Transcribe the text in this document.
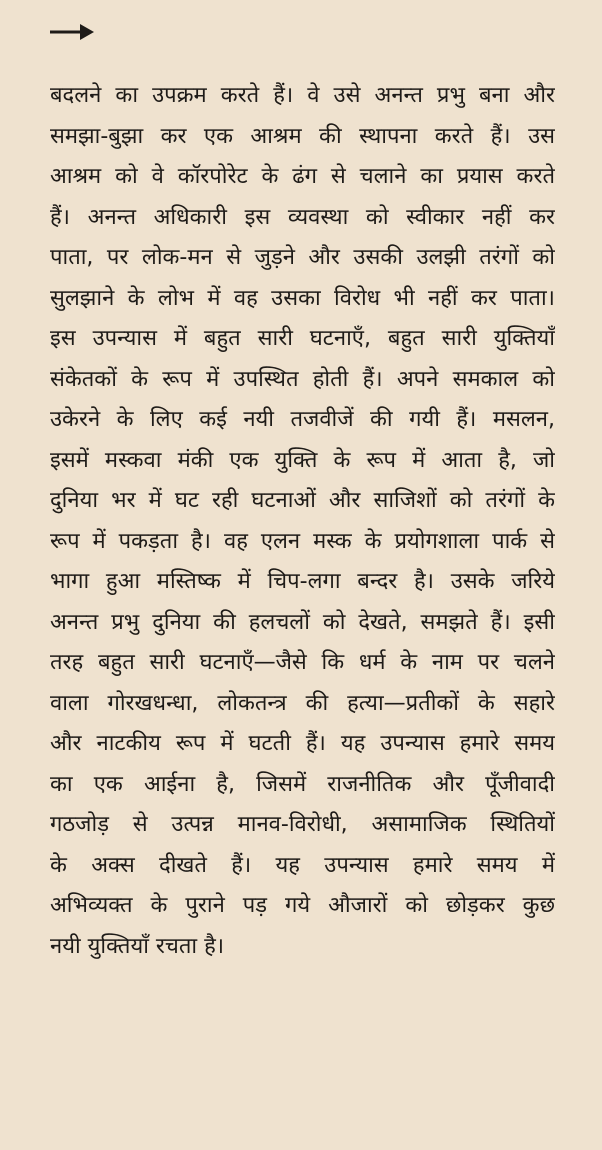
बदलने का उपक्रम करते हैं। वे उसे अनन्त प्रभु बना और
समझा-बुझा कर एक आश्रम की स्थापना करते हैं। उस
आश्रम को वे कॉरपोरेट के ढंग से चलाने का प्रयास करते
हैं। अनन्त अधिकारी इस व्यवस्था को स्वीकार नहीं कर
पाता, पर लोक-मन से जुड़ने और उसकी उलझी तरंगों को
सुलझाने के लोभ में वह उसका विरोध भी नहीं कर पाता।
इस उपन्यास में बहुत सारी घटनाएँ, बहुत सारी युक्तियाँ
संकेतकों के रूप में उपस्थित होती हैं। अपने समकाल को
उकेरने के लिए कई नयी तजवीजें की गयी हैं। मसलन,
इसमें मस्कवा मंकी एक युक्ति के रूप में आता है, जो
दुनिया भर में घट रही घटनाओं और साजिशों को तरंगों के
रूप में पकड़ता है। वह एलन मस्क के प्रयोगशाला पार्क से
भागा हुआ मस्तिष्क में चिप-लगा बन्दर है। उसके जरिये
अनन्त प्रभु दुनिया की हलचलों को देखते, समझते हैं। इसी
तरह बहुत सारी घटनाएँ—जैसे कि धर्म के नाम पर चलने
वाला गोरखधन्धा, लोकतन्त्र की हत्या—प्रतीकों के सहारे
और नाटकीय रूप में घटती हैं। यह उपन्यास हमारे समय
का एक आईना है, जिसमें राजनीतिक और पूँजीवादी
गठजोड़ से उत्पन्न मानव-विरोधी, असामाजिक स्थितियों
के अक्स दीखते हैं। यह उपन्यास हमारे समय में
अभिव्यक्त के पुराने पड़ गये औजारों को छोड़कर कुछ
नयी युक्तियाँ रचता है।
